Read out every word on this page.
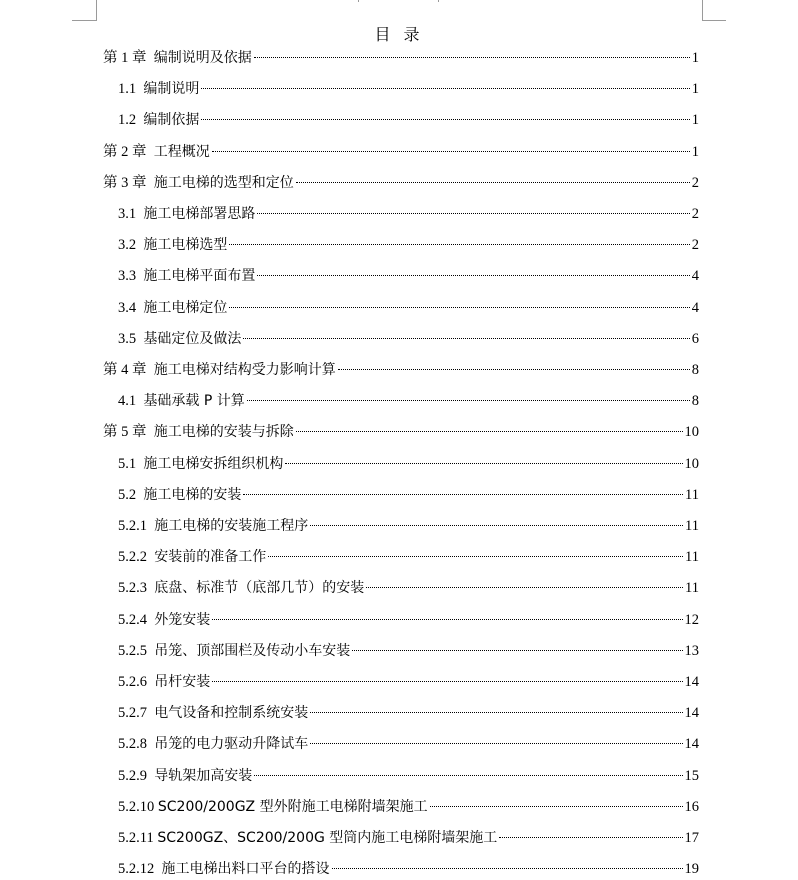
目 录
第 1 章 编制说明及依据	1
1.1 编制说明	1
1.2 编制依据	1
第 2 章 工程概况	1
第 3 章 施工电梯的选型和定位	2
3.1 施工电梯部署思路	2
3.2 施工电梯选型	2
3.3 施工电梯平面布置	4
3.4 施工电梯定位	4
3.5 基础定位及做法	6
第 4 章 施工电梯对结构受力影响计算	8
4.1 基础承载 P 计算	8
第 5 章 施工电梯的安装与拆除	10
5.1 施工电梯安拆组织机构	10
5.2 施工电梯的安装	11
5.2.1 施工电梯的安装施工程序	11
5.2.2 安装前的准备工作	11
5.2.3 底盘、标准节（底部几节）的安装	11
5.2.4 外笼安装	12
5.2.5 吊笼、顶部围栏及传动小车安装	13
5.2.6 吊杆安装	14
5.2.7 电气设备和控制系统安装	14
5.2.8 吊笼的电力驱动升降试车	14
5.2.9 导轨架加高安装	15
5.2.10 SC200/200GZ 型外附施工电梯附墙架施工	16
5.2.11 SC200GZ、SC200/200G 型筒内施工电梯附墙架施工	17
5.2.12 施工电梯出料口平台的搭设	19
